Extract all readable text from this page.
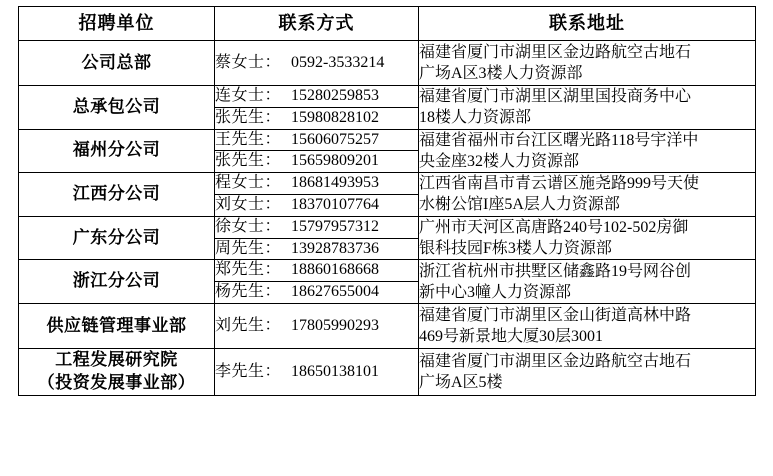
招聘单位	联系方式	联系地址
公司总部	蔡女士： 0592-3533214	福建省厦门市湖里区金边路航空古地石
广场A区3楼人力资源部

总承包公司	连女士： 15280259853	福建省厦门市湖里区湖里国投商务中心
18楼人力资源部

	张先生： 15980828102	
福州分公司	王先生： 15606075257	福建省福州市台江区曙光路118号宇洋中
央金座32楼人力资源部

	张先生： 15659809201	
江西分公司	程女士： 18681493953	江西省南昌市青云谱区施尧路999号天使
水榭公馆I座5A层人力资源部

	刘女士： 18370107764	
广东分公司	徐女士： 15797957312	广州市天河区高唐路240号102-502房御
银科技园F栋3楼人力资源部

	周先生： 13928783736	
浙江分公司	郑先生： 18860168668	浙江省杭州市拱墅区储鑫路19号网谷创
新中心3幢人力资源部

	杨先生： 18627655004	
供应链管理事业部	刘先生： 17805990293	福建省厦门市湖里区金山街道高林中路
469号新景地大厦30层3001

工程发展研究院
（投资发展事业部）	李先生： 18650138101	福建省厦门市湖里区金边路航空古地石
广场A区5楼
